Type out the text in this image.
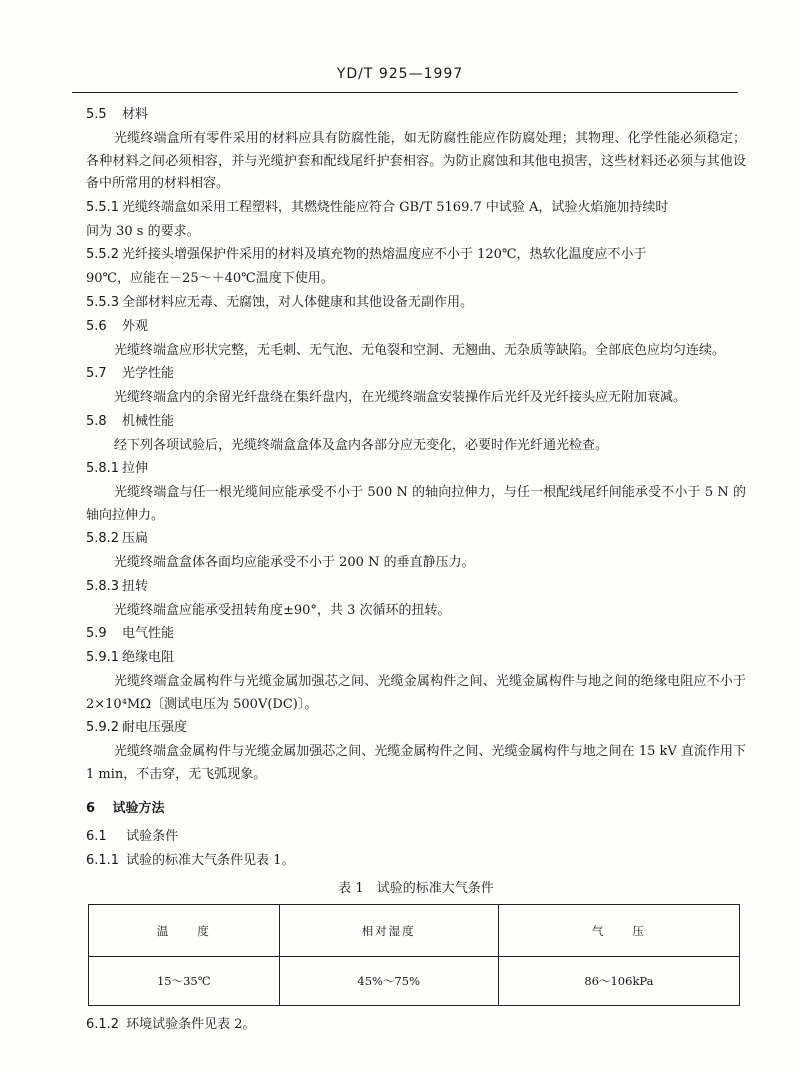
YD/T 925—1997
5.5 材料
光缆终端盒所有零件采用的材料应具有防腐性能，如无防腐性能应作防腐处理；其物理、化学性能必须稳定；各种材料之间必须相容，并与光缆护套和配线尾纤护套相容。为防止腐蚀和其他电损害，这些材料还必须与其他设备中所常用的材料相容。
5.5.1 光缆终端盒如采用工程塑料，其燃烧性能应符合 GB/T 5169.7 中试验 A，试验火焰施加持续时
间为 30 s 的要求。
5.5.2 光纤接头增强保护件采用的材料及填充物的热熔温度应不小于 120℃，热软化温度应不小于
90℃，应能在－25～＋40℃温度下使用。
5.5.3 全部材料应无毒、无腐蚀，对人体健康和其他设备无副作用。
5.6 外观
光缆终端盒应形状完整，无毛刺、无气泡、无龟裂和空洞、无翘曲、无杂质等缺陷。全部底色应均匀连续。
5.7 光学性能
光缆终端盒内的余留光纤盘绕在集纤盘内，在光缆终端盒安装操作后光纤及光纤接头应无附加衰减。
5.8 机械性能
经下列各项试验后，光缆终端盒盒体及盒内各部分应无变化，必要时作光纤通光检查。
5.8.1 拉伸
光缆终端盒与任一根光缆间应能承受不小于 500 N 的轴向拉伸力，与任一根配线尾纤间能承受不小于 5 N 的轴向拉伸力。
5.8.2 压扁
光缆终端盒盒体各面均应能承受不小于 200 N 的垂直静压力。
5.8.3 扭转
光缆终端盒应能承受扭转角度±90°，共 3 次循环的扭转。
5.9 电气性能
5.9.1 绝缘电阻
光缆终端盒金属构件与光缆金属加强芯之间、光缆金属构件之间、光缆金属构件与地之间的绝缘电阻应不小于 2×10⁴MΩ〔测试电压为 500V(DC)〕。
5.9.2 耐电压强度
光缆终端盒金属构件与光缆金属加强芯之间、光缆金属构件之间、光缆金属构件与地之间在 15 kV 直流作用下 1 min，不击穿，无飞弧现象。
6 试验方法
6.1 试验条件
6.1.1 试验的标准大气条件见表 1。
表 1　试验的标准大气条件
温　　度	相对湿度	气　　压
15～35℃	45%～75%	86～106kPa
6.1.2 环境试验条件见表 2。
